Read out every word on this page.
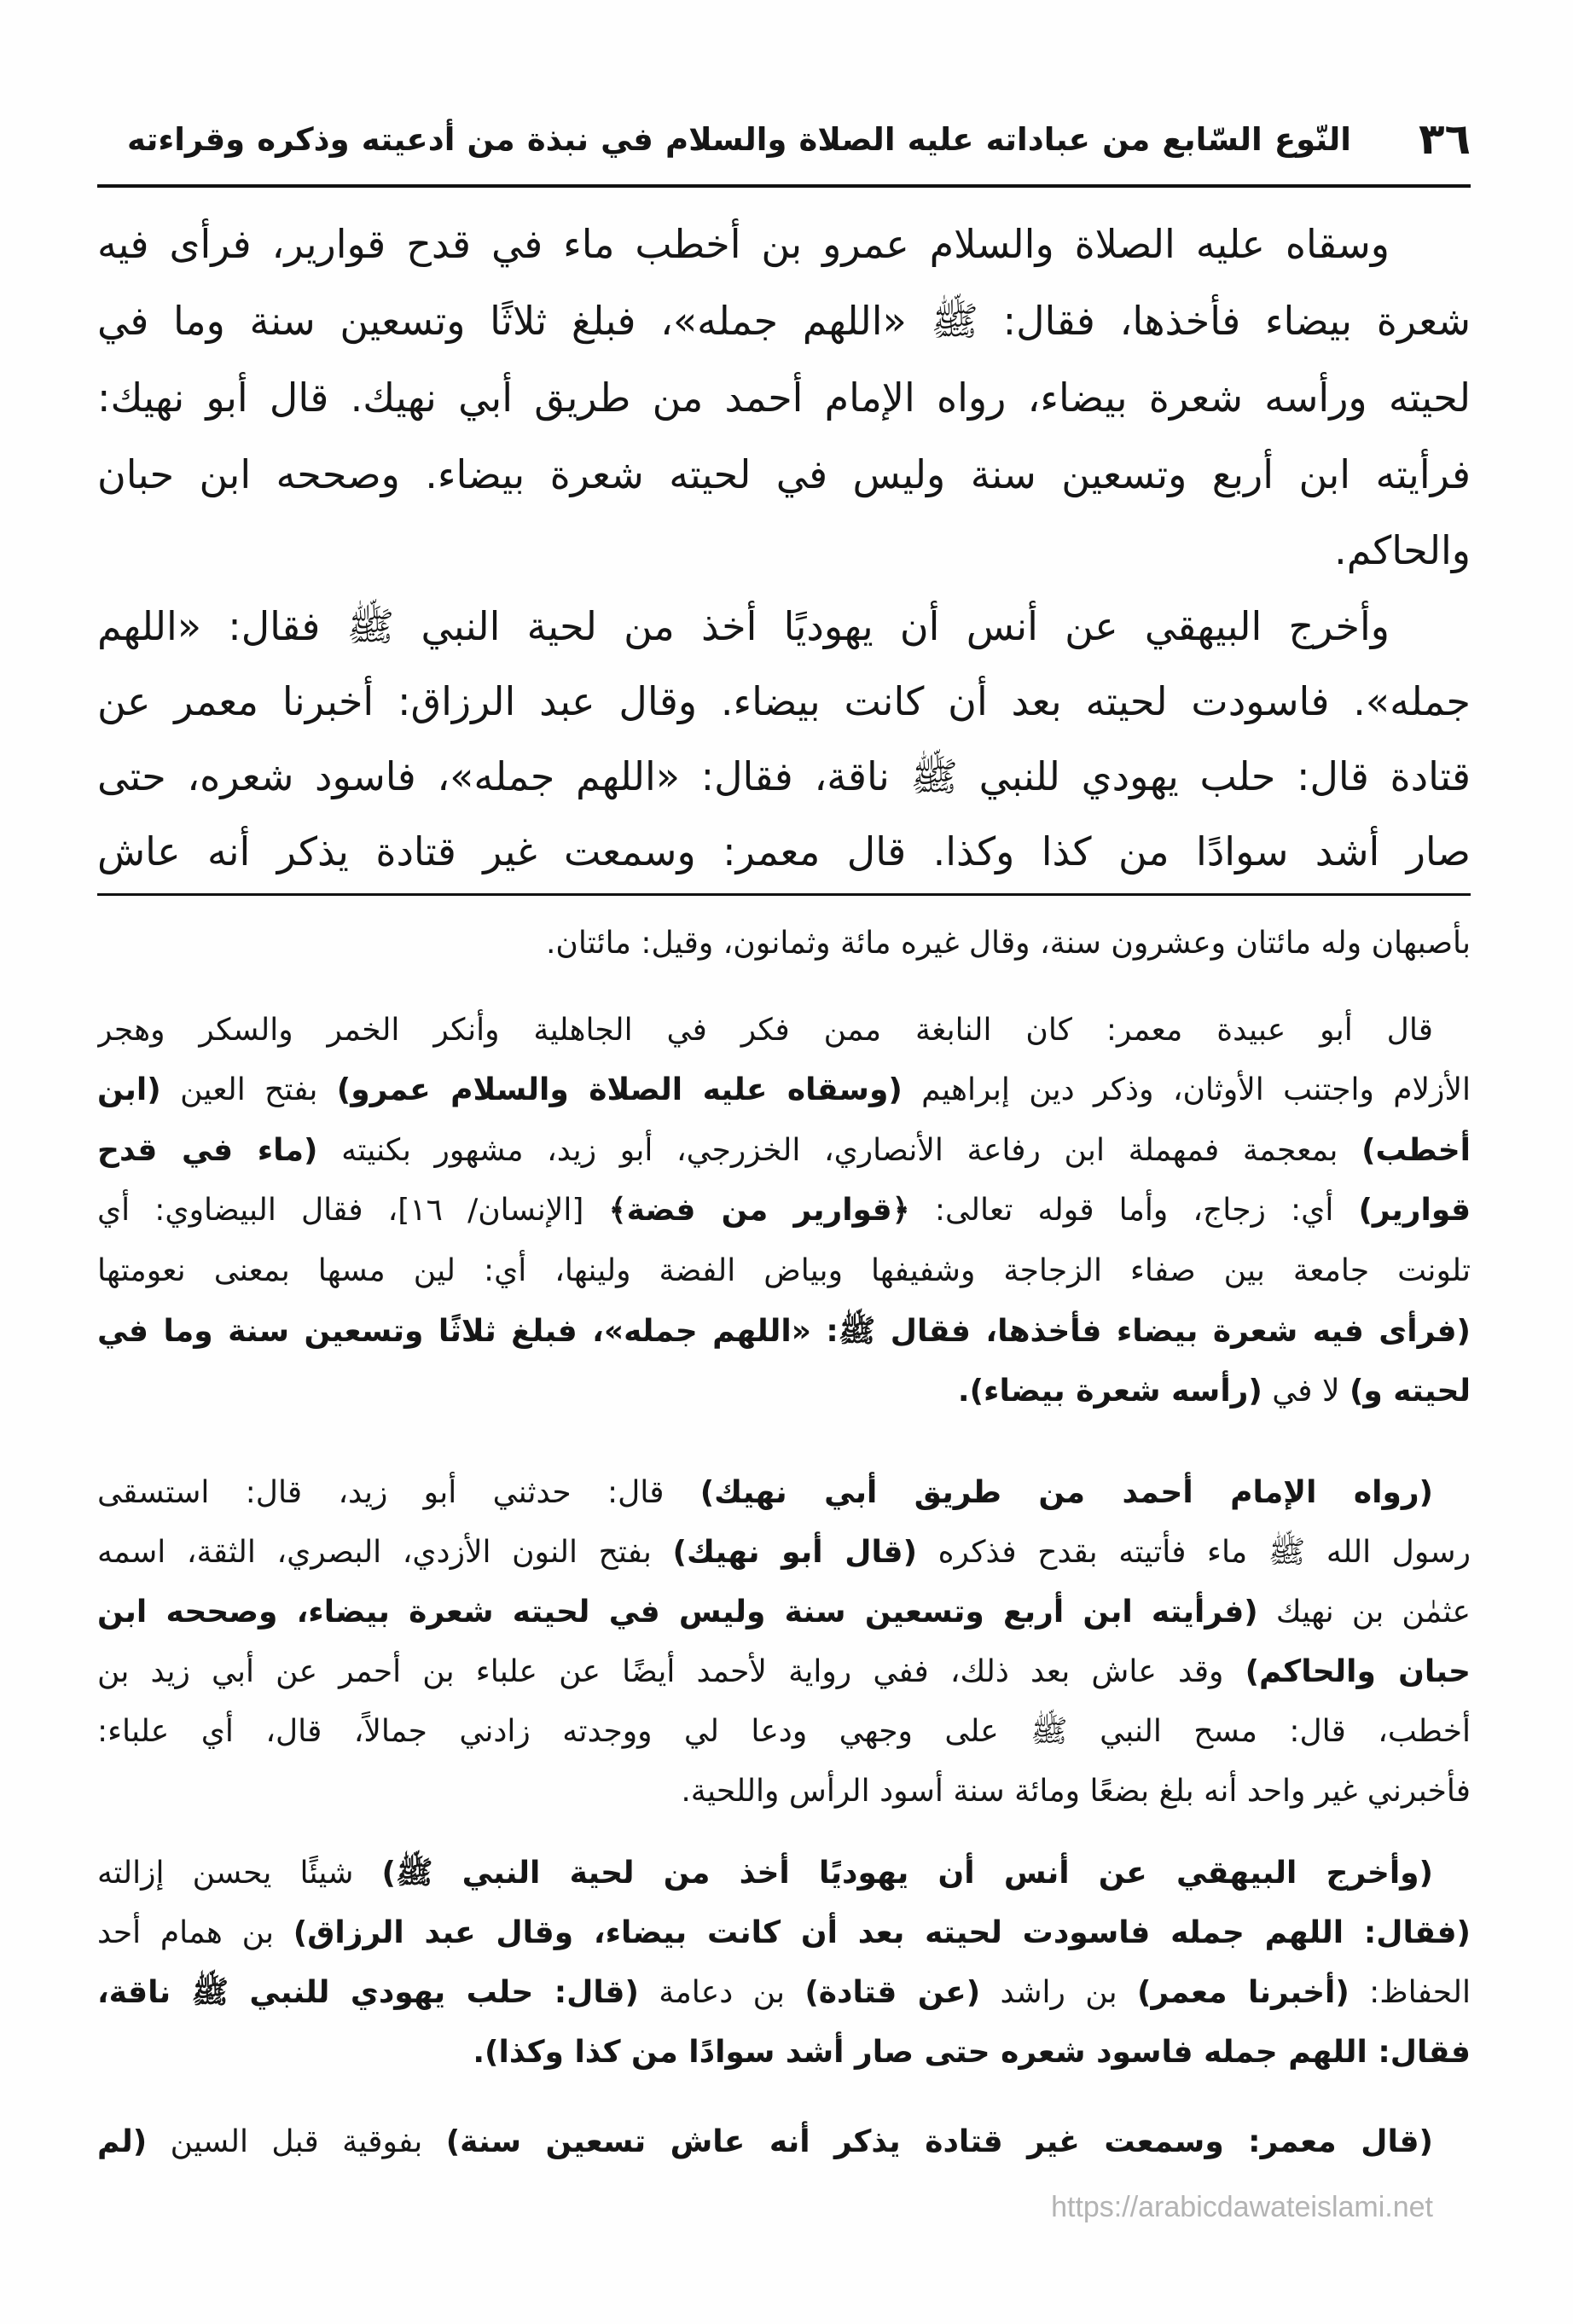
٣٦
النّوع السّابع من عباداته عليه الصلاة والسلام في نبذة من أدعيته وذكره وقراءته
وسقاه عليه الصلاة والسلام عمرو بن أخطب ماء في قدح قوارير، فرأى فيه
شعرة بيضاء فأخذها، فقال: ﷺ «اللهم جمله»، فبلغ ثلاثًا وتسعين سنة وما في
لحيته ورأسه شعرة بيضاء، رواه الإمام أحمد من طريق أبي نهيك. قال أبو نهيك:
فرأيته ابن أربع وتسعين سنة وليس في لحيته شعرة بيضاء. وصححه ابن حبان
والحاكم.
وأخرج البيهقي عن أنس أن يهوديًا أخذ من لحية النبي ﷺ فقال: «اللهم
جمله». فاسودت لحيته بعد أن كانت بيضاء. وقال عبد الرزاق: أخبرنا معمر عن
قتادة قال: حلب يهودي للنبي ﷺ ناقة، فقال: «اللهم جمله»، فاسود شعره، حتى
صار أشد سوادًا من كذا وكذا. قال معمر: وسمعت غير قتادة يذكر أنه عاش
بأصبهان وله مائتان وعشرون سنة، وقال غيره مائة وثمانون، وقيل: مائتان.
قال أبو عبيدة معمر: كان النابغة ممن فكر في الجاهلية وأنكر الخمر والسكر وهجر
الأزلام واجتنب الأوثان، وذكر دين إبراهيم (وسقاه عليه الصلاة والسلام عمرو) بفتح العين (ابن
أخطب) بمعجمة فمهملة ابن رفاعة الأنصاري، الخزرجي، أبو زيد، مشهور بكنيته (ماء في قدح
قوارير) أي: زجاج، وأما قوله تعالى: ﴿قوارير من فضة﴾ [الإنسان/ ١٦]، فقال البيضاوي: أي
تلونت جامعة بين صفاء الزجاجة وشفيفها وبياض الفضة ولينها، أي: لين مسها بمعنى نعومتها
(فرأى فيه شعرة بيضاء فأخذها، فقال ﷺ: «اللهم جمله»، فبلغ ثلاثًا وتسعين سنة وما في
لحيته و) لا في (رأسه شعرة بيضاء).
(رواه الإمام أحمد من طريق أبي نهيك) قال: حدثني أبو زيد، قال: استسقى
رسول الله ﷺ ماء فأتيته بقدح فذكره (قال أبو نهيك) بفتح النون الأزدي، البصري، الثقة، اسمه
عثمٰن بن نهيك (فرأيته ابن أربع وتسعين سنة وليس في لحيته شعرة بيضاء، وصححه ابن
حبان والحاكم) وقد عاش بعد ذلك، ففي رواية لأحمد أيضًا عن علباء بن أحمر عن أبي زيد بن
أخطب، قال: مسح النبي ﷺ على وجهي ودعا لي ووجدته زادني جمالاً، قال، أي علباء:
فأخبرني غير واحد أنه بلغ بضعًا ومائة سنة أسود الرأس واللحية.
(وأخرج البيهقي عن أنس أن يهوديًا أخذ من لحية النبي ﷺ) شيئًا يحسن إزالته
(فقال: اللهم جمله فاسودت لحيته بعد أن كانت بيضاء، وقال عبد الرزاق) بن همام أحد
الحفاظ: (أخبرنا معمر) بن راشد (عن قتادة) بن دعامة (قال: حلب يهودي للنبي ﷺ ناقة،
فقال: اللهم جمله فاسود شعره حتى صار أشد سوادًا من كذا وكذا).
(قال معمر: وسمعت غير قتادة يذكر أنه عاش تسعين سنة) بفوقية قبل السين (لم
https://arabicdawateislami.net
